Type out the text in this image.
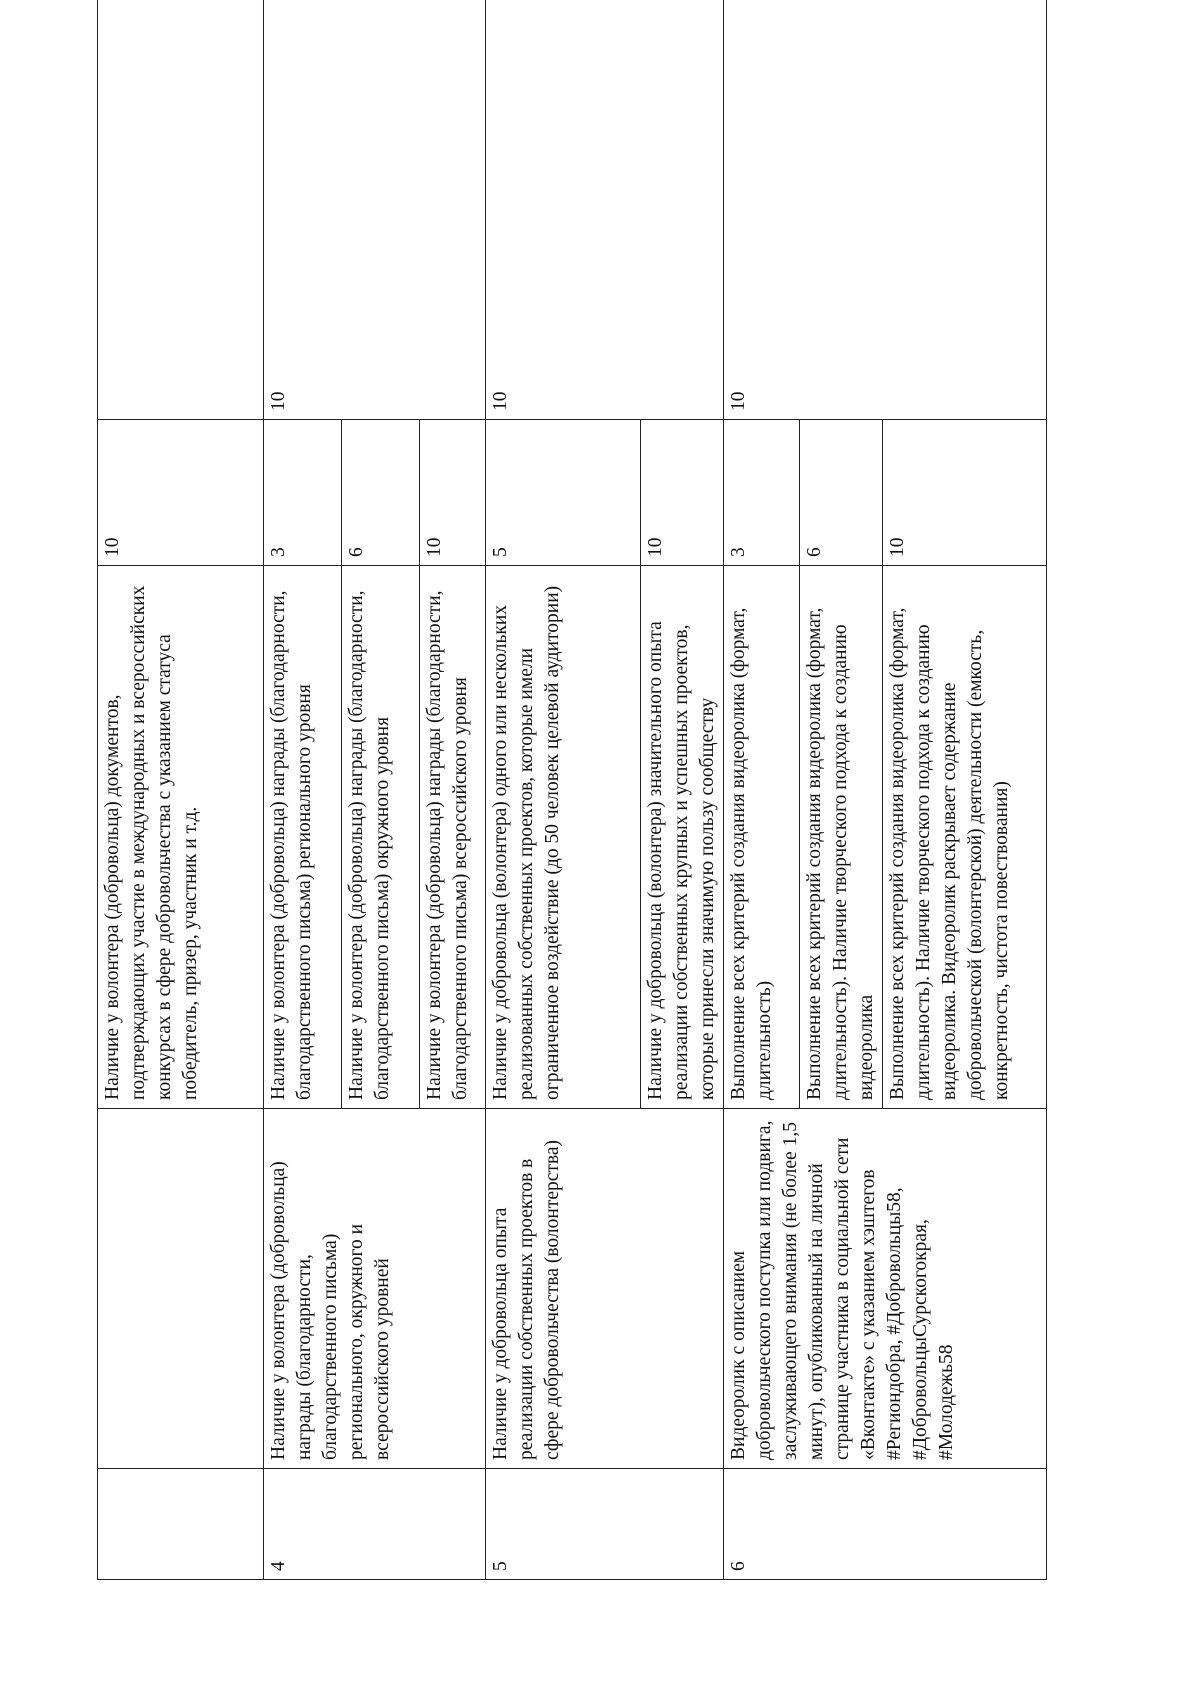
		Наличие у волонтера (добровольца) документов, подтверждающих участие в международных и всероссийских конкурсах в сфере добровольчества с указанием статуса победитель, призер, участник и т.д.	10	
4	Наличие у волонтера (добровольца) награды (благодарности, благодарственного письма) регионального, окружного и всероссийского уровней	Наличие у волонтера (добровольца) награды (благодарности, благодарственного письма) регионального уровня	3	10
		Наличие у волонтера (добровольца) награды (благодарности, благодарственного письма) окружного уровня	6	
		Наличие у волонтера (добровольца) награды (благодарности, благодарственного письма) всероссийского уровня	10	
5	Наличие у добровольца опыта реализации собственных проектов в сфере добровольчества (волонтерства)	Наличие у добровольца (волонтера) одного или нескольких реализованных собственных проектов, которые имели ограниченное воздействие (до 50 человек целевой аудитории)	5	10
		Наличие у добровольца (волонтера) значительного опыта реализации собственных крупных и успешных проектов, которые принесли значимую пользу сообществу	10	
6	Видеоролик с описанием добровольческого поступка или подвига, заслуживающего внимания (не более 1,5 минут), опубликованный на личной странице участника в социальной сети «Вконтакте» с указанием хэштегов #Региондобра, #Добровольцы58, #ДобровольцыСурскогокрая, #Молодежь58	Выполнение всех критерий создания видеоролика (формат, длительность)	3	10
		Выполнение всех критерий создания видеоролика (формат, длительность). Наличие творческого подхода к созданию видеоролика	6	
		Выполнение всех критерий создания видеоролика (формат, длительность). Наличие творческого подхода к созданию видеоролика. Видеоролик раскрывает содержание добровольческой (волонтерской) деятельности (емкость, конкретность, чистота повествования)	10	
